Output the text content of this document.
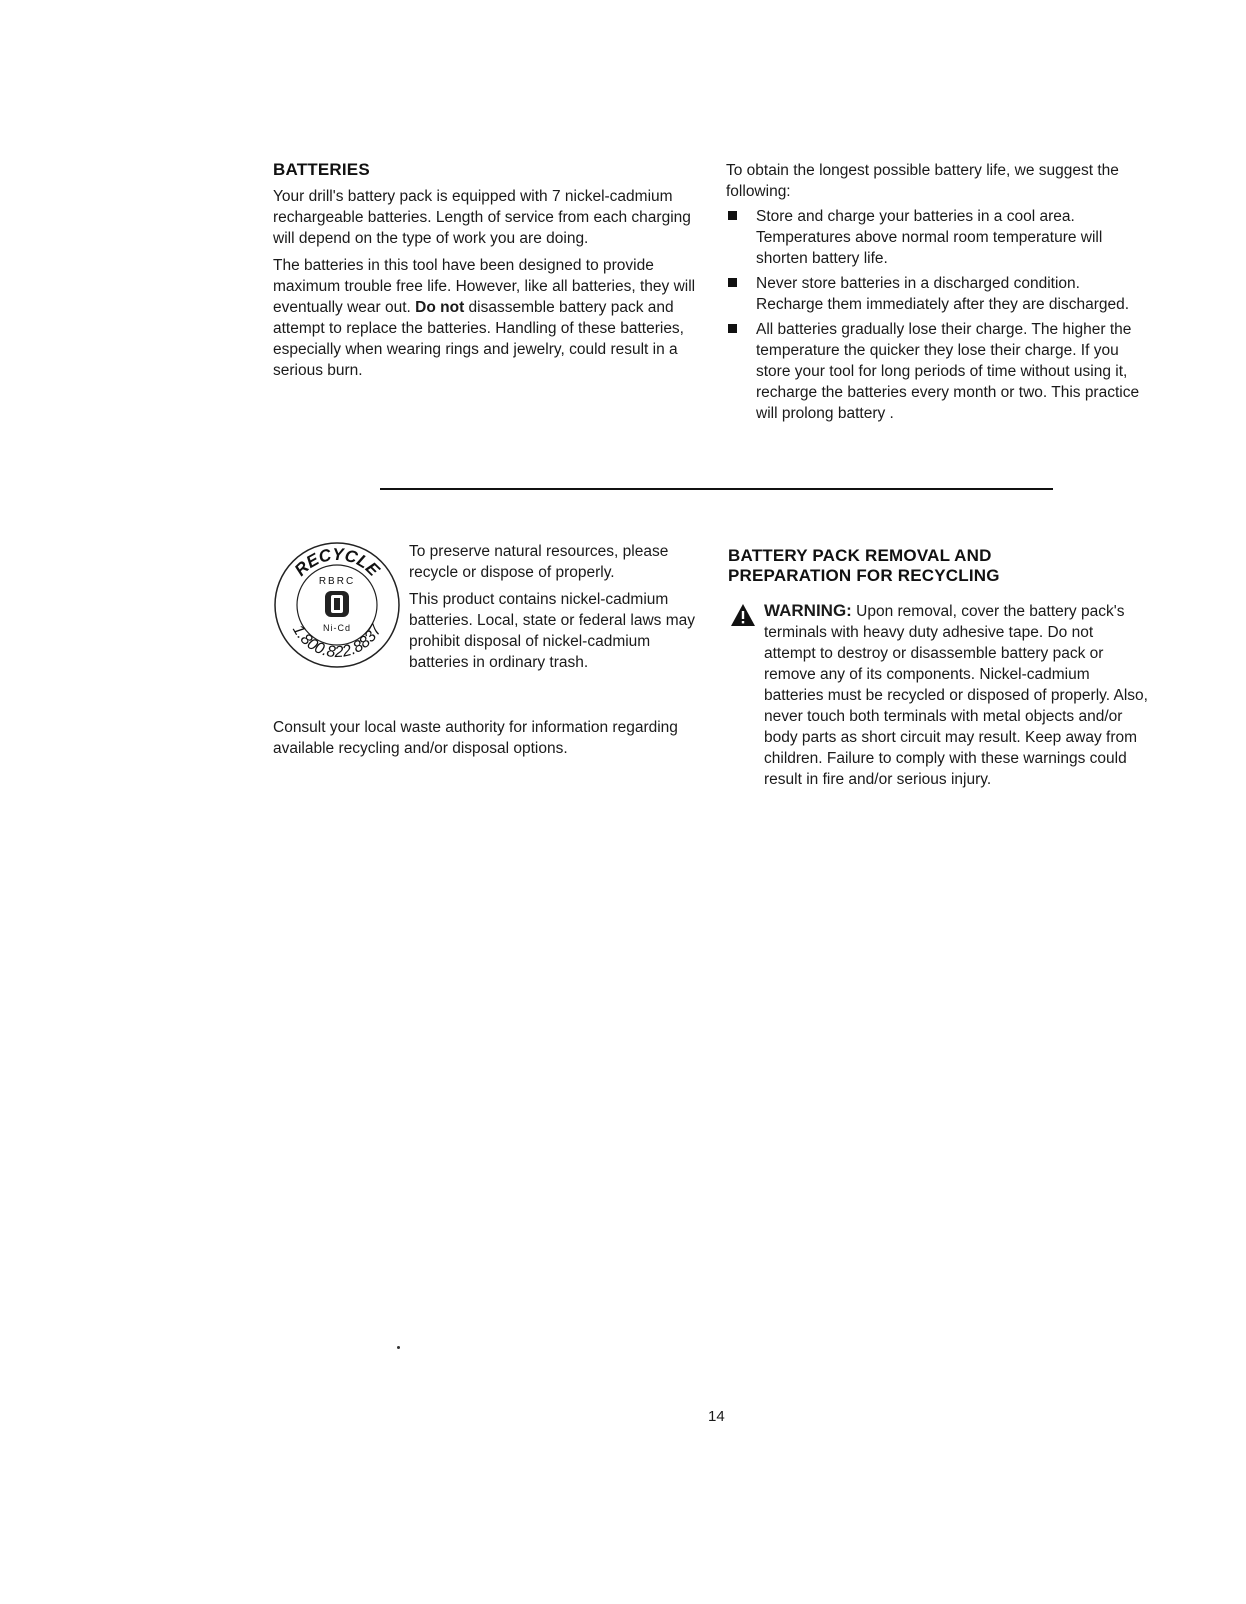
BATTERIES

Your drill's battery pack is equipped with 7 nickel-cadmium rechargeable batteries. Length of service from each charging will depend on the type of work you are doing.

The batteries in this tool have been designed to provide maximum trouble free life. However, like all batteries, they will eventually wear out. Do not disassemble battery pack and attempt to replace the batteries. Handling of these batteries, especially when wearing rings and jewelry, could result in a serious burn.

To obtain the longest possible battery life, we suggest the following:

Store and charge your batteries in a cool area. Temperatures above normal room temperature will shorten battery life.
Never store batteries in a discharged condition. Recharge them immediately after they are discharged.
All batteries gradually lose their charge. The higher the temperature the quicker they lose their charge. If you store your tool for long periods of time without using it, recharge the batteries every month or two. This practice will prolong battery .
RECYCLE
1.800.822.8837
RBRC
Ni-Cd

To preserve natural resources, please recycle or dispose of properly.

This product contains nickel-cadmium batteries. Local, state or federal laws may prohibit disposal of nickel-cadmium batteries in ordinary trash.

Consult your local waste authority for information regarding available recycling and/or disposal options.

BATTERY PACK REMOVAL AND
PREPARATION FOR RECYCLING

WARNING: Upon removal, cover the battery pack's terminals with heavy duty adhesive tape. Do not attempt to destroy or disassemble battery pack or remove any of its components. Nickel-cadmium batteries must be recycled or disposed of properly. Also, never touch both terminals with metal objects and/or body parts as short circuit may result. Keep away from children. Failure to comply with these warnings could result in fire and/or serious injury.

14
